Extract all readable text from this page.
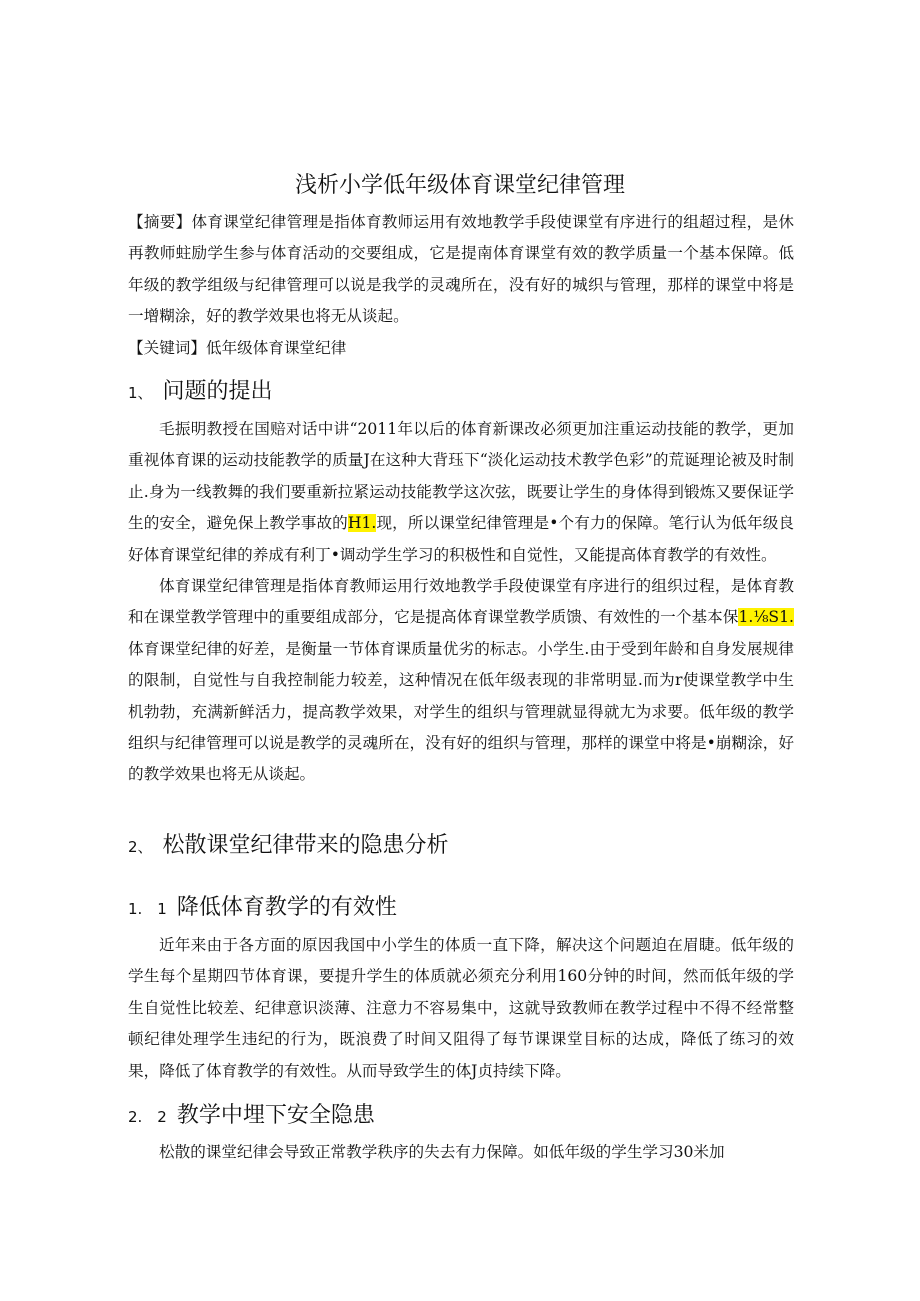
浅析小学低年级体育课堂纪律管理

【摘要】体育课堂纪律管理是指体育教师运用有效地教学手段使课堂有序进行的组超过程，是休再教师蛀励学生参与体育活动的交要组成，它是提南体育课堂有效的教学质量一个基本保障。低年级的教学组级与纪律管理可以说是我学的灵魂所在，没有好的城织与管理，那样的课堂中将是一增糊涂，好的教学效果也将无从谈起。

【关键词】低年级体育课堂纪律

1、 问题的提出

毛振明教授在国赔对话中讲“2011年以后的体育新课改必须更加注重运动技能的教学，更加重视体育课的运动技能教学的质量J在这种大背珏下“淡化运动技术教学色彩”的荒诞理论被及时制止.身为一线教舞的我们要重新拉紧运动技能教学这次弦，既要让学生的身体得到锻炼又要保证学生的安全，避免保上教学事故的H1.现，所以课堂纪律管理是•个有力的保障。笔行认为低年级良好体育课堂纪律的养成有利丁•调动学生学习的积极性和自觉性，又能提高体育教学的有效性。

体育课堂纪律管理是指体育教师运用行效地教学手段使课堂有序进行的组织过程，是体育教和在课堂教学管理中的重要组成部分，它是提高体育课堂教学质馈、有效性的一个基本保1.⅛S1.体育课堂纪律的好差，是衡量一节体育课质量优劣的标志。小学生.由于受到年龄和自身发展规律的限制，自觉性与自我控制能力较差，这种情况在低年级表现的非常明显.而为r使课堂教学中生机勃勃，充满新鲜活力，提高教学效果，对学生的组织与管理就显得就尢为求要。低年级的教学组织与纪律管理可以说是教学的灵魂所在，没有好的组织与管理，那样的课堂中将是•崩糊涂，好的教学效果也将无从谈起。

2、 松散课堂纪律带来的隐患分析
1.　1 降低体育教学的有效性

近年来由于各方面的原因我国中小学生的体质一直下降，解决这个问题迫在眉睫。低年级的学生每个星期四节体育课，要提升学生的体质就必须充分利用160分钟的时间，然而低年级的学生自觉性比较差、纪律意识淡薄、注意力不容易集中，这就导致教师在教学过程中不得不经常整顿纪律处理学生违纪的行为，既浪费了时间又阻得了每节课课堂目标的达成，降低了练习的效果，降低了体育教学的有效性。从而导致学生的体J贞持续下降。

2.　2 教学中埋下安全隐患

松散的课堂纪律会导致正常教学秩序的失去有力保障。如低年级的学生学习30米加
